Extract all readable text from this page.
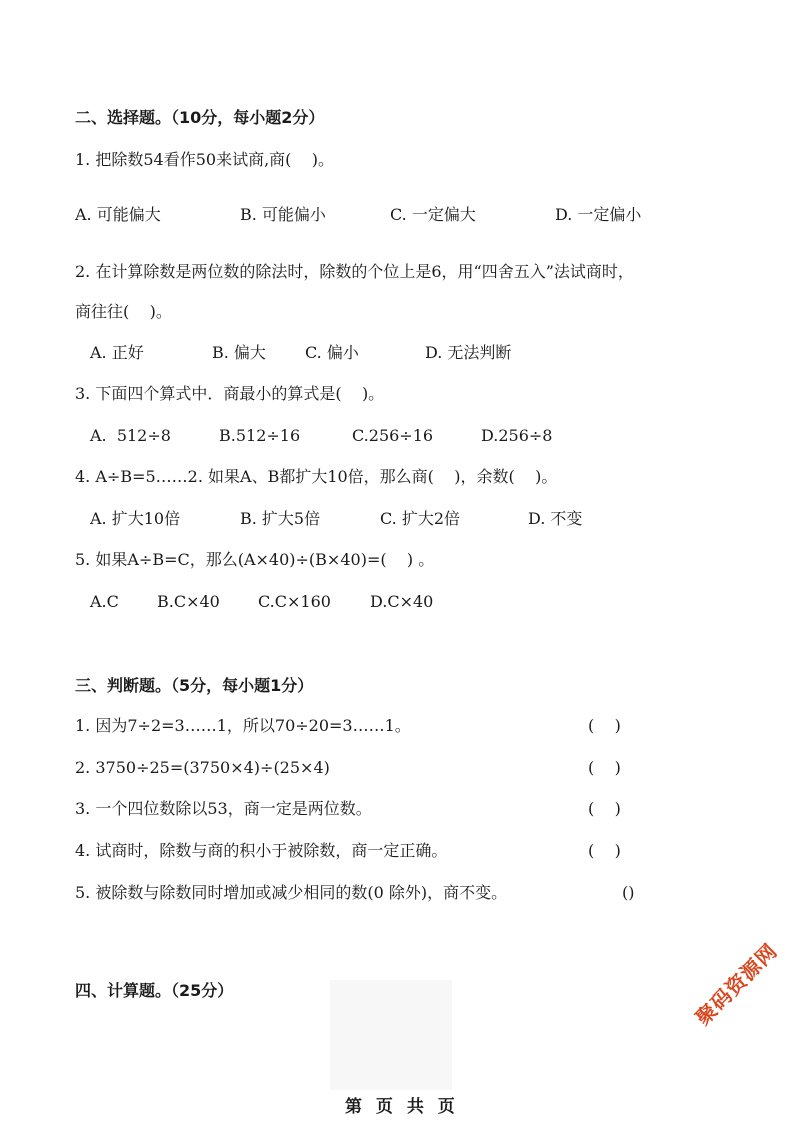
二、选择题。（10分，每小题2分）
1. 把除数54看作50来试商,商(    )。
A. 可能偏大	B. 可能偏小	C. 一定偏大	D. 一定偏小
2. 在计算除数是两位数的除法时，除数的个位上是6，用“四舍五入”法试商时，
商往往(    )。
A. 正好	B. 偏大 C. 偏小	D. 无法判断
3. 下面四个算式中．商最小的算式是(    )。
A.  512÷8	B.512÷16	C.256÷16	D.256÷8
4. A÷B=5……2. 如果A、B都扩大10倍，那么商(    )，余数(    )。
A. 扩大10倍	B. 扩大5倍	C. 扩大2倍	D. 不变
5. 如果A÷B=C，那么(A×40)÷(B×40)=(    ) 。
A.C B.C×40 C.C×160 D.C×40
三、判断题。（5分，每小题1分）
1. 因为7÷2=3……1，所以70÷20=3……1。	(    )
2. 3750÷25=(3750×4)÷(25×4)	(    )
3. 一个四位数除以53，商一定是两位数。	(    )
4. 试商时，除数与商的积小于被除数，商一定正确。	(    )
5. 被除数与除数同时增加或减少相同的数(0 除外)，商不变。	()
四、计算题。（25分）	聚码资源网
第 页 共 页
